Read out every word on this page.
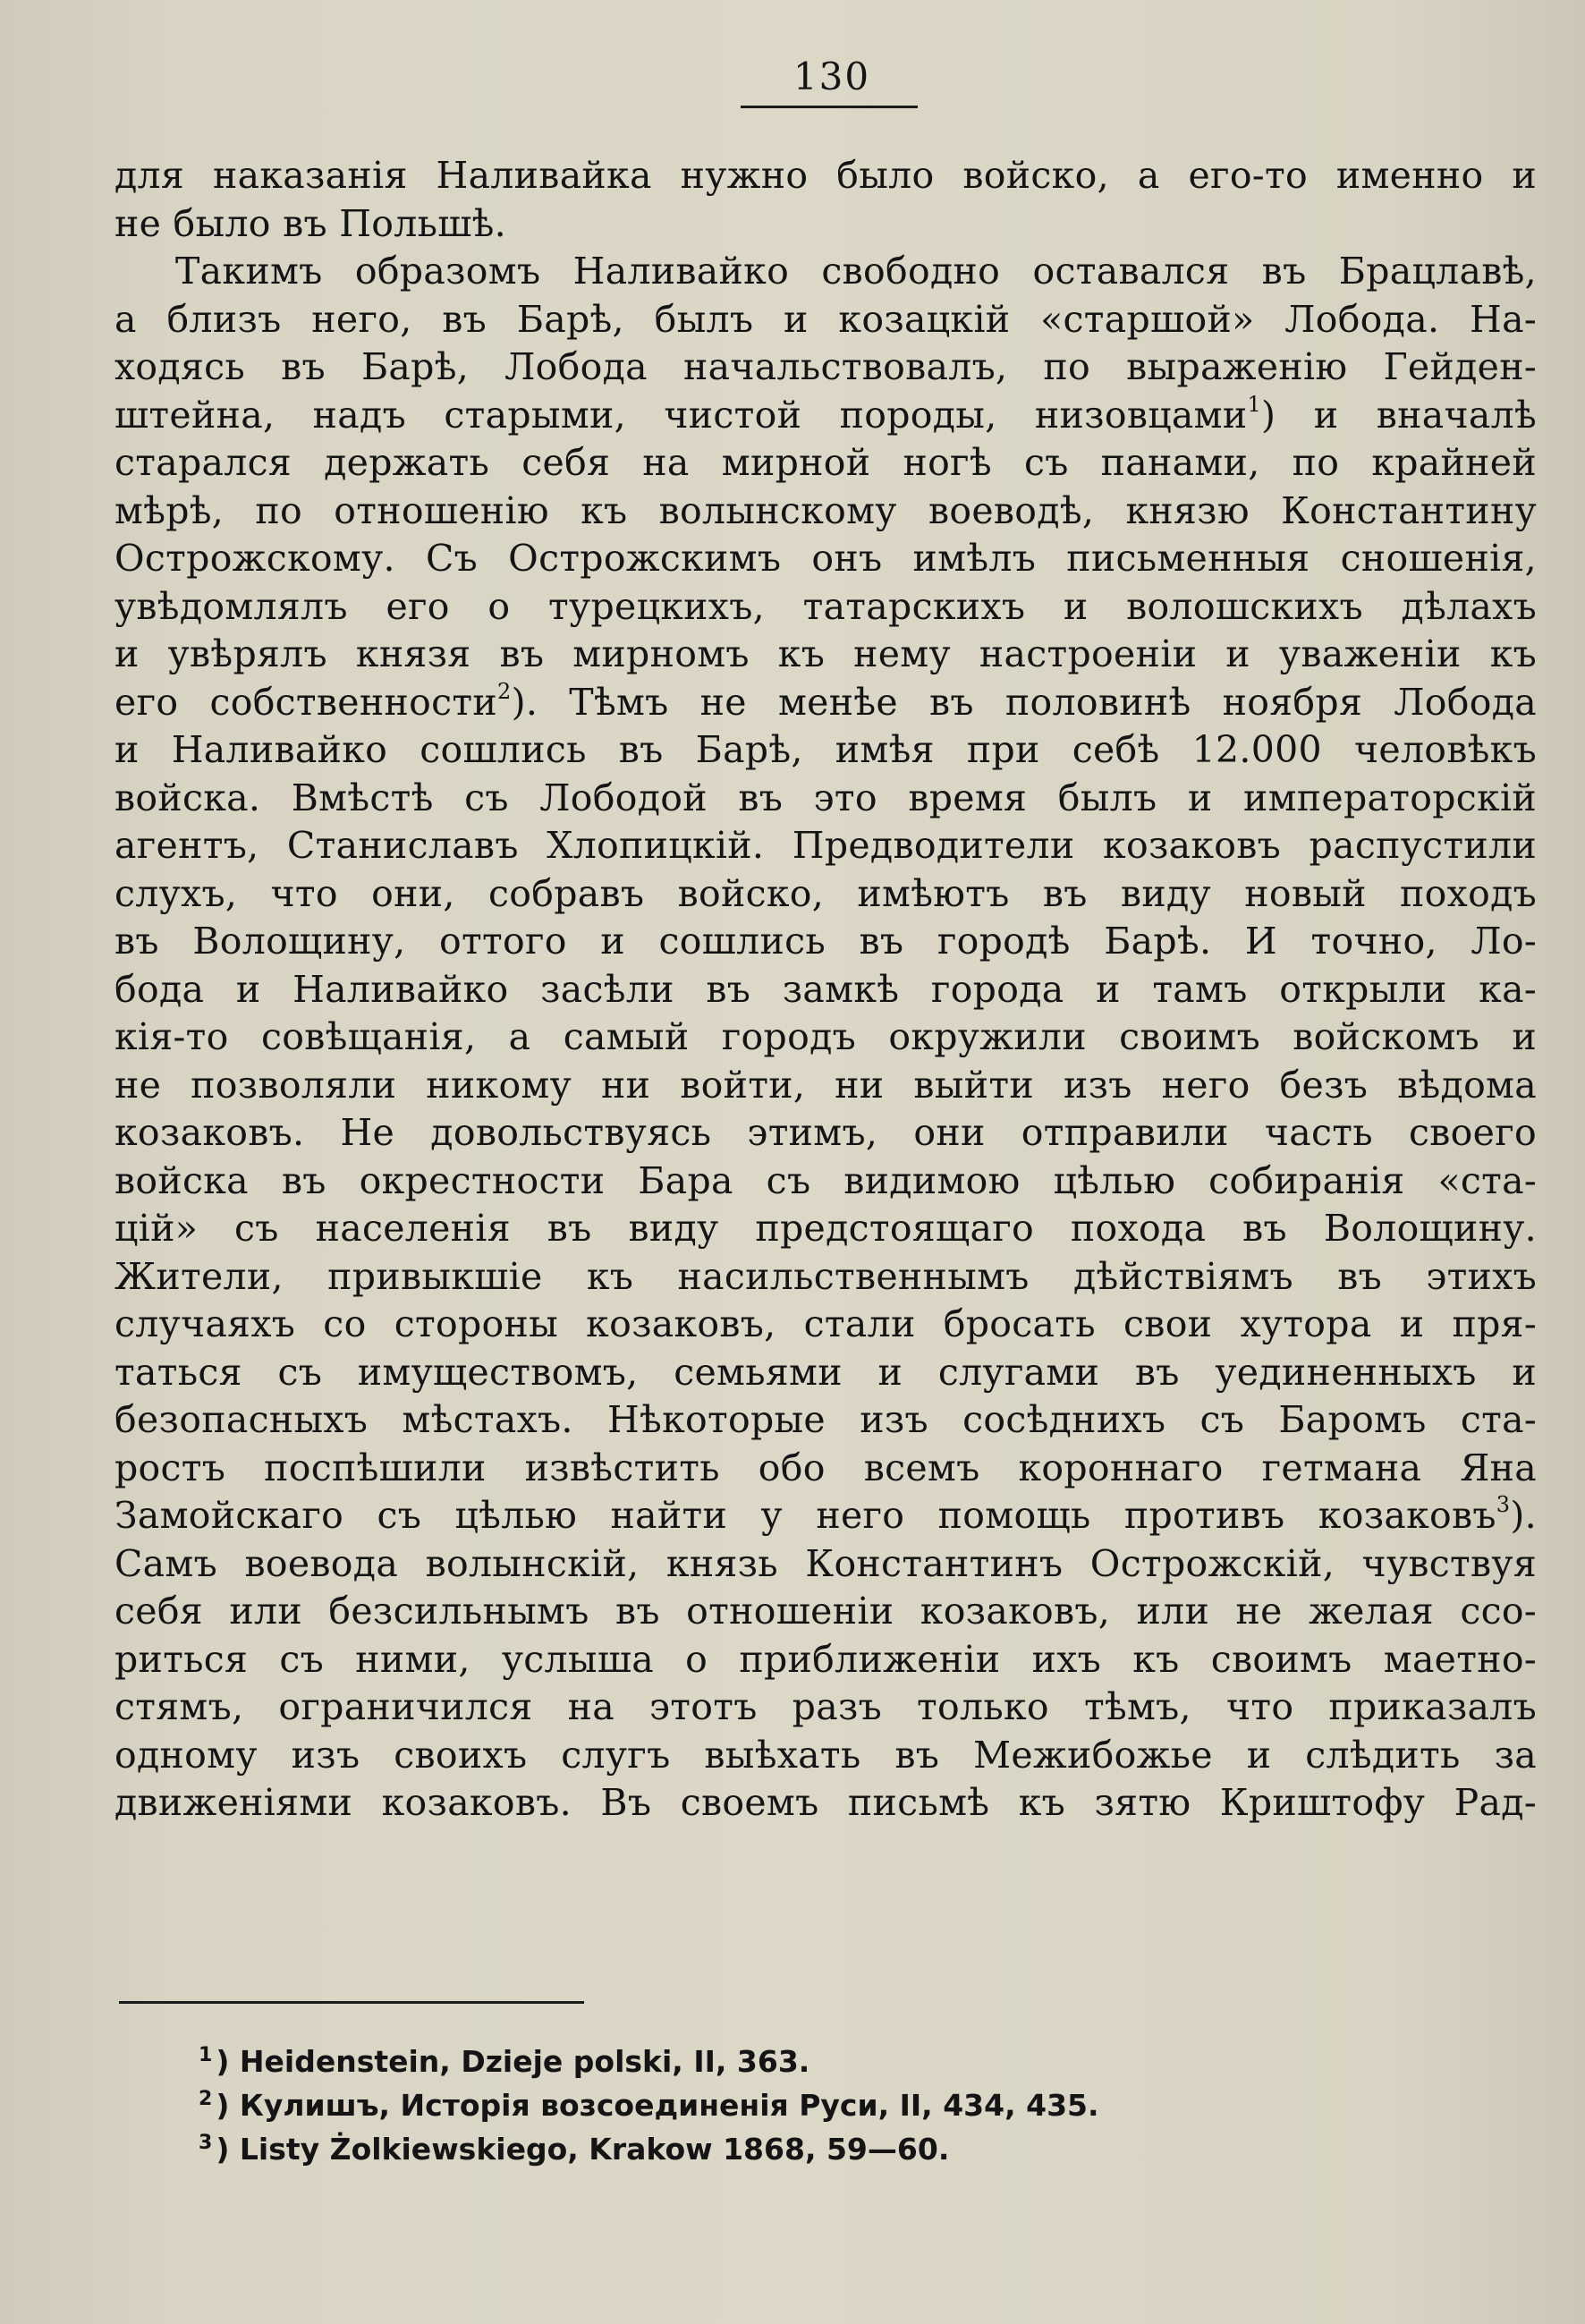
130
для наказанія Наливайка нужно было войско, а его-то именно и
не было въ Польшѣ.
Такимъ образомъ Наливайко свободно оставался въ Брацлавѣ,
а близъ него, въ Барѣ, былъ и козацкій «старшой» Лобода. На-
ходясь въ Барѣ, Лобода начальствовалъ, по выраженію Гейден-
штейна, надъ старыми, чистой породы, низовцами$^1$) и вначалѣ
старался держать себя на мирной ногѣ съ панами, по крайней
мѣрѣ, по отношенію къ волынскому воеводѣ, князю Константину
Острожскому. Съ Острожскимъ онъ имѣлъ письменныя сношенія,
увѣдомлялъ его о турецкихъ, татарскихъ и волошскихъ дѣлахъ
и увѣрялъ князя въ мирномъ къ нему настроеніи и уваженіи къ
его собственности$^2$). Тѣмъ не менѣе въ половинѣ ноября Лобода
и Наливайко сошлись въ Барѣ, имѣя при себѣ 12.000 человѣкъ
войска. Вмѣстѣ съ Лободой въ это время былъ и императорскій
агентъ, Станиславъ Хлопицкій. Предводители козаковъ распустили
слухъ, что они, собравъ войско, имѣютъ въ виду новый походъ
въ Волощину, оттого и сошлись въ городѣ Барѣ. И точно, Ло-
бода и Наливайко засѣли въ замкѣ города и тамъ открыли ка-
кія-то совѣщанія, а самый городъ окружили своимъ войскомъ и
не позволяли никому ни войти, ни выйти изъ него безъ вѣдома
козаковъ. Не довольствуясь этимъ, они отправили часть своего
войска въ окрестности Бара съ видимою цѣлью собиранія «ста-
цій» съ населенія въ виду предстоящаго похода въ Волощину.
Жители, привыкшіе къ насильственнымъ дѣйствіямъ въ этихъ
случаяхъ со стороны козаковъ, стали бросать свои хутора и пря-
таться съ имуществомъ, семьями и слугами въ уединенныхъ и
безопасныхъ мѣстахъ. Нѣкоторые изъ сосѣднихъ съ Баромъ ста-
ростъ поспѣшили извѣстить обо всемъ короннаго гетмана Яна
Замойскаго съ цѣлью найти у него помощь противъ козаковъ$^3$).
Самъ воевода волынскій, князь Константинъ Острожскій, чувствуя
себя или безсильнымъ въ отношеніи козаковъ, или не желая ссо-
риться съ ними, услыша о приближеніи ихъ къ своимъ маетно-
стямъ, ограничился на этотъ разъ только тѣмъ, что приказалъ
одному изъ своихъ слугъ выѣхать въ Межибожье и слѣдить за
движеніями козаковъ. Въ своемъ письмѣ къ зятю Криштофу Рад-
$^1$ ) Heidenstein, Dzieje polski, II, 363.
$^2$ ) Кулишъ, Исторія возсоединенія Руси, II, 434, 435.
$^3$ ) Listy Żolkiewskiego, Krakow 1868, 59—60.
